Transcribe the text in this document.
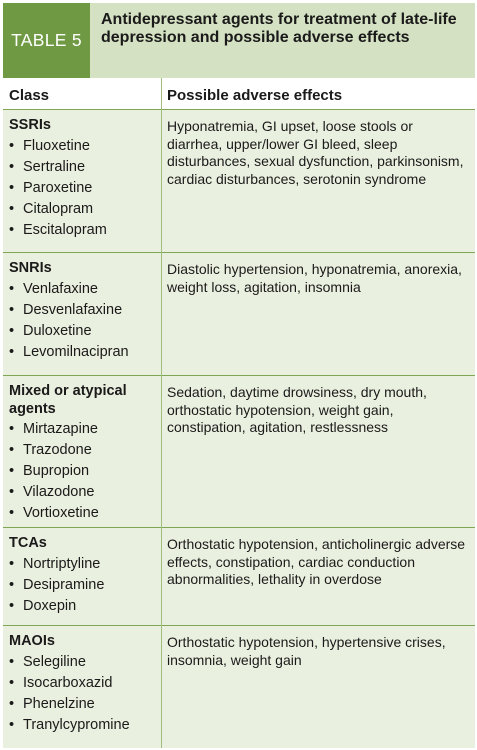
TABLE 5
Antidepressant agents for treatment of late-life depression and possible adverse effects
Class	Possible adverse effects
SSRIs
• Fluoxetine
• Sertraline
• Paroxetine
• Citalopram
• Escitalopram
Hyponatremia, GI upset, loose stools or diarrhea, upper/lower GI bleed, sleep disturbances, sexual dysfunction, parkinsonism, cardiac disturbances, serotonin syndrome
SNRIs
• Venlafaxine
• Desvenlafaxine
• Duloxetine
• Levomilnacipran
Diastolic hypertension, hyponatremia, anorexia, weight loss, agitation, insomnia
Mixed or atypical agents
• Mirtazapine
• Trazodone
• Bupropion
• Vilazodone
• Vortioxetine
Sedation, daytime drowsiness, dry mouth, orthostatic hypotension, weight gain, constipation, agitation, restlessness
TCAs
• Nortriptyline
• Desipramine
• Doxepin
Orthostatic hypotension, anticholinergic adverse effects, constipation, cardiac conduction abnormalities, lethality in overdose
MAOIs
• Selegiline
• Isocarboxazid
• Phenelzine
• Tranylcypromine
Orthostatic hypotension, hypertensive crises, insomnia, weight gain
